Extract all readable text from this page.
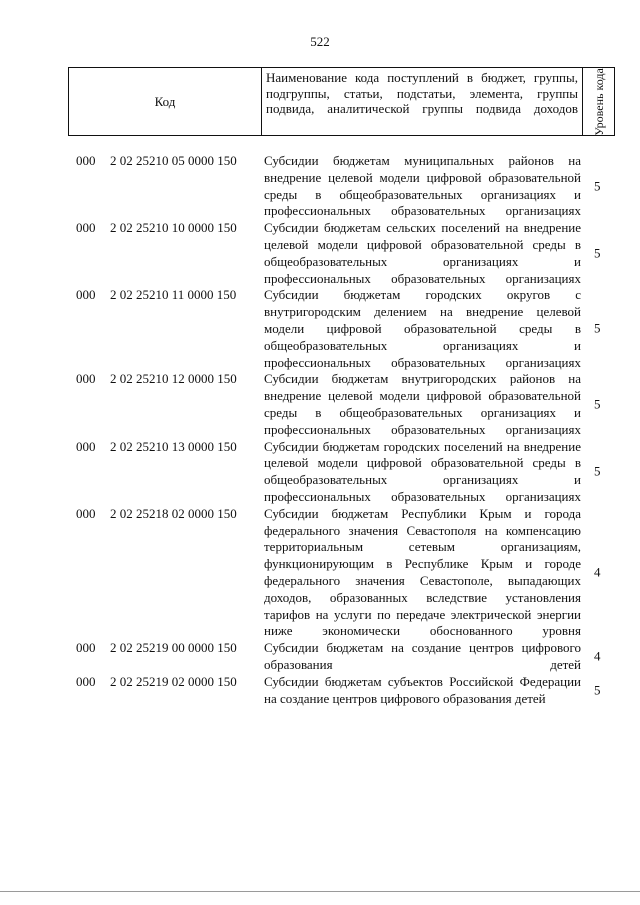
522
Код
Наименование кода поступлений в бюджет, группы, подгруппы, статьи, подстатьи, элемента, группы подвида, аналитической группы подвида доходов	Уровень кода
000 2 02 25210 05 0000 150 Субсидии бюджетам муниципальных районов на внедрение целевой модели цифровой образовательной среды в общеобразовательных организациях и профессиональных образовательных организациях
5
000 2 02 25210 10 0000 150 Субсидии бюджетам сельских поселений на внедрение целевой модели цифровой образовательной среды в общеобразовательных организациях и профессиональных образовательных организациях
5
000 2 02 25210 11 0000 150 Субсидии бюджетам городских округов с внутригородским делением на внедрение целевой модели цифровой образовательной среды в общеобразовательных организациях и профессиональных образовательных организациях
5
000 2 02 25210 12 0000 150 Субсидии бюджетам внутригородских районов на внедрение целевой модели цифровой образовательной среды в общеобразовательных организациях и профессиональных образовательных организациях
5
000 2 02 25210 13 0000 150 Субсидии бюджетам городских поселений на внедрение целевой модели цифровой образовательной среды в общеобразовательных организациях и профессиональных образовательных организациях
5
000 2 02 25218 02 0000 150 Субсидии бюджетам Республики Крым и города федерального значения Севастополя на компенсацию территориальным сетевым организациям, функционирующим в Республике Крым и городе федерального значения Севастополе, выпадающих доходов, образованных вследствие установления тарифов на услуги по передаче электрической энергии ниже экономически обоснованного уровня
4
000 2 02 25219 00 0000 150 Субсидии бюджетам на создание центров цифрового образования детей
4
000 2 02 25219 02 0000 150 Субсидии бюджетам субъектов Российской Федерации на создание центров цифрового образования детей
5
